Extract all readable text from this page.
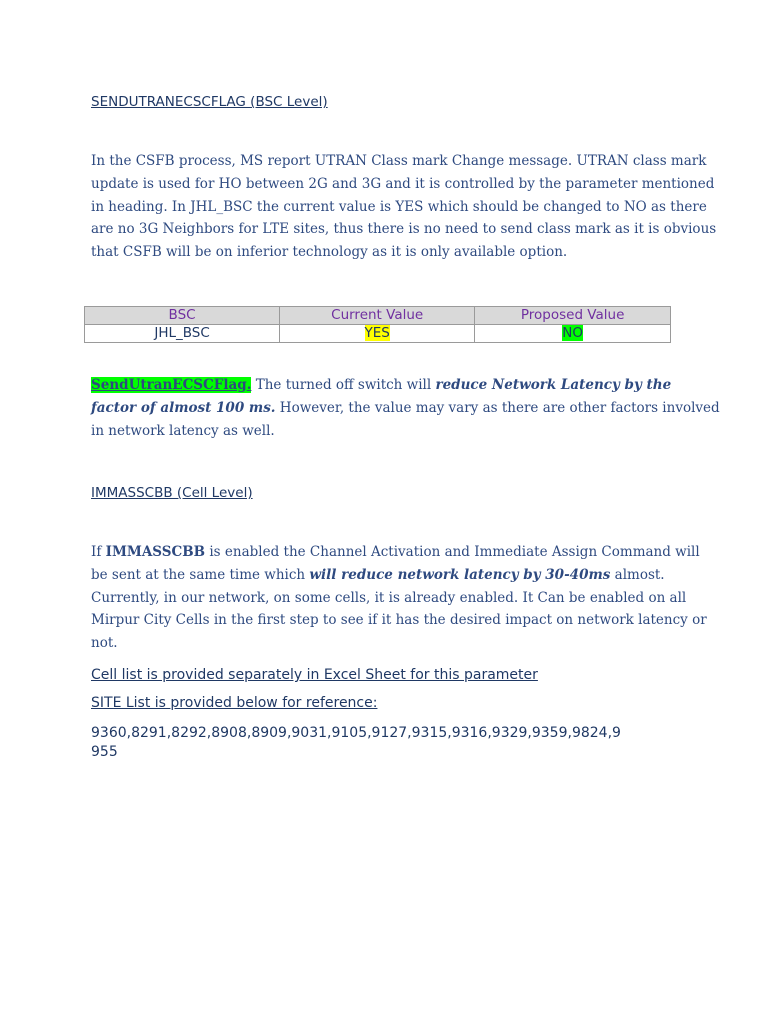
SENDUTRANECSCFLAG (BSC Level)

In the CSFB process, MS report UTRAN Class mark Change message. UTRAN class mark
update is used for HO between 2G and 3G and it is controlled by the parameter mentioned
in heading. In JHL_BSC the current value is YES which should be changed to NO as there
are no 3G Neighbors for LTE sites, thus there is no need to send class mark as it is obvious
that CSFB will be on inferior technology as it is only available option.

BSC	Current Value	Proposed Value
JHL_BSC	YES	NO

SendUtranECSCFlag. The turned off switch will reduce Network Latency by the
factor of almost 100 ms. However, the value may vary as there are other factors involved
in network latency as well.

IMMASSCBB (Cell Level)

If IMMASSCBB is enabled the Channel Activation and Immediate Assign Command will
be sent at the same time which will reduce network latency by 30-40ms almost.
Currently, in our network, on some cells, it is already enabled. It Can be enabled on all
Mirpur City Cells in the first step to see if it has the desired impact on network latency or
not.

Cell list is provided separately in Excel Sheet for this parameter

SITE List is provided below for reference:

9360,8291,8292,8908,8909,9031,9105,9127,9315,9316,9329,9359,9824,9
955
